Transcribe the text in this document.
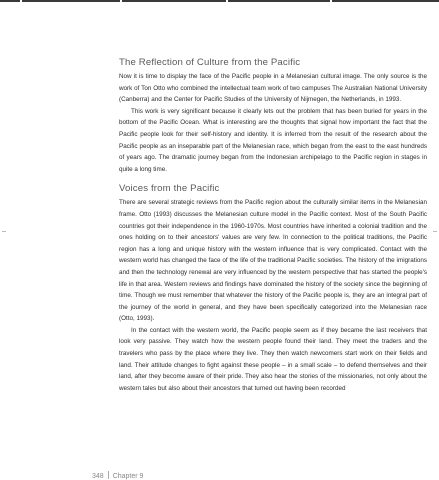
The Reflection of Culture from the Pacific

Now it is time to display the face of the Pacific people in a Melanesian cultural image. The only source is the work of Ton Otto who combined the intellectual team work of two campuses The Australian National University (Canberra) and the Center for Pacific Studies of the University of Nijmegen, the Netherlands, in 1993.

This work is very significant because it clearly lets out the problem that has been buried for years in the bottom of the Pacific Ocean. What is interesting are the thoughts that signal how important the fact that the Pacific people look for their self-history and identity. It is inferred from the result of the research about the Pacific people as an inseparable part of the Melanesian race, which began from the east to the east hundreds of years ago. The dramatic journey began from the Indonesian archipelago to the Pacific region in stages in quite a long time.

Voices from the Pacific

There are several strategic reviews from the Pacific region about the culturally similar items in the Melanesian frame. Otto (1993) discusses the Melanesian culture model in the Pacific context. Most of the South Pacific countries got their independence in the 1960-1970s. Most countries have inherited a colonial tradition and the ones holding on to their ancestors' values are very few. In connection to the political traditions, the Pacific region has a long and unique history with the western influence that is very complicated. Contact with the western world has changed the face of the life of the traditional Pacific societies. The history of the imigrations and then the technology renewal are very influenced by the western perspective that has started the people's life in that area. Western reviews and findings have dominated the history of the society since the beginning of time. Though we must remember that whatever the history of the Pacific people is, they are an integral part of the journey of the world in general, and they have been specifically categorized into the Melanesian race (Otto, 1993).

In the contact with the western world, the Pacific people seem as if they became the last receivers that look very passive. They watch how the western people found their land. They meet the traders and the travelers who pass by the place where they live. They then watch newcomers start work on their fields and land. Their attitude changes to fight against these people – in a small scale – to defend themselves and their land, after they become aware of their pride. They also hear the stories of the missionaries, not only about the western tales but also about their ancestors that turned out having been recorded

348 Chapter 9
